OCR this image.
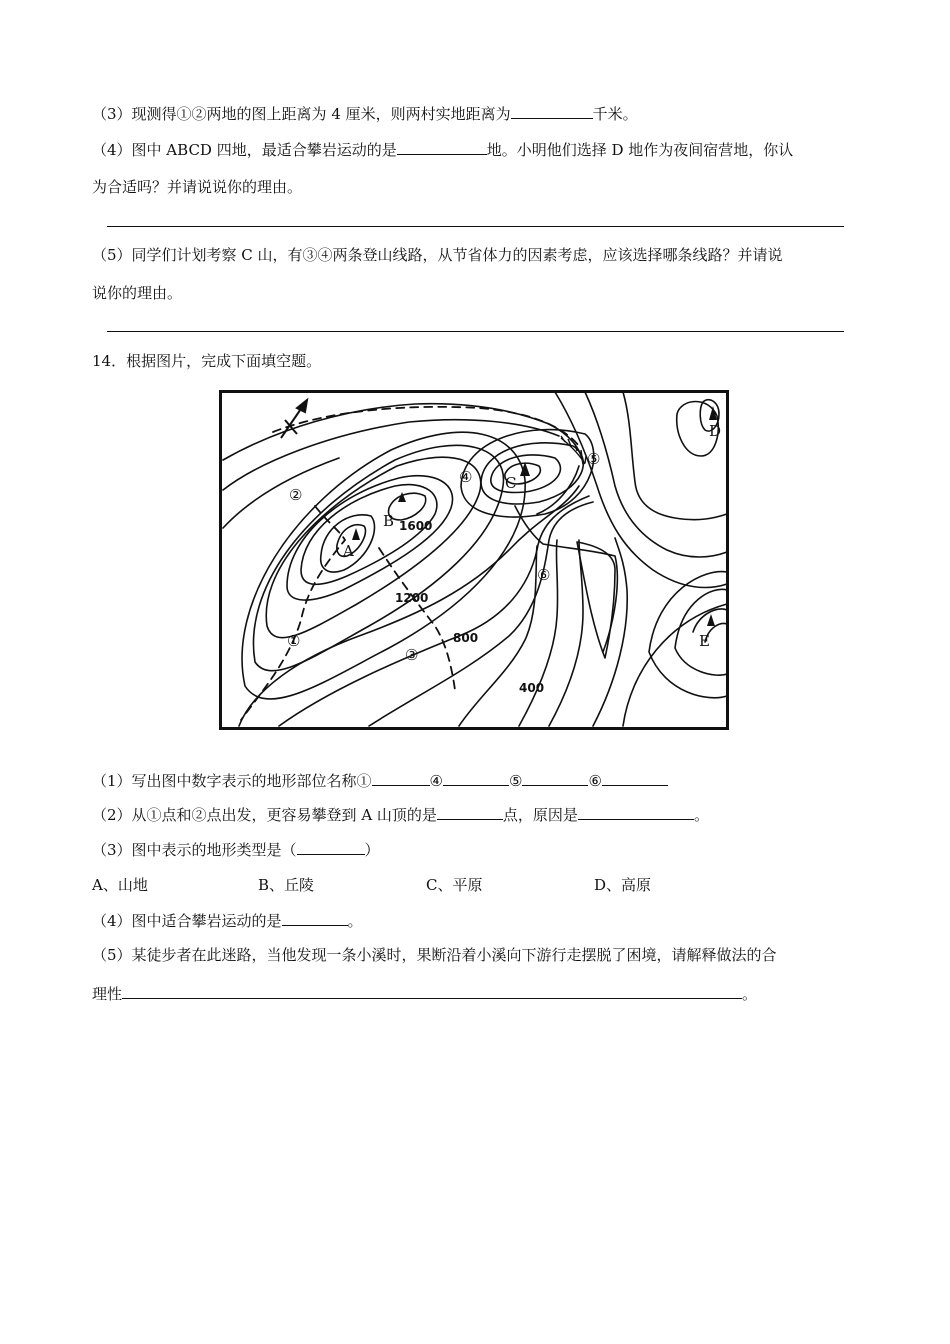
（3）现测得①②两地的图上距离为 4 厘米，则两村实地距离为	千米。
（4）图中 ABCD 四地，最适合攀岩运动的是	地。小明他们选择 D 地作为夜间宿营地，你认
为合适吗？并请说说你的理由。
（5）同学们计划考察 C 山，有③④两条登山线路，从节省体力的因素考虑，应该选择哪条线路？并请说
说你的理由。
14．根据图片，完成下面填空题。
A
B
C
D
E
1600
1200
800
400
②
①
③
④
⑤
⑥
（1）写出图中数字表示的地形部位名称①	④	⑤	⑥
（2）从①点和②点出发，更容易攀登到 A 山顶的是	点，原因是	。
（3）图中表示的地形类型是（	）
A、山地	B、丘陵	C、平原	D、高原
（4）图中适合攀岩运动的是	。
（5）某徒步者在此迷路，当他发现一条小溪时，果断沿着小溪向下游行走摆脱了困境，请解释做法的合
理性	。
